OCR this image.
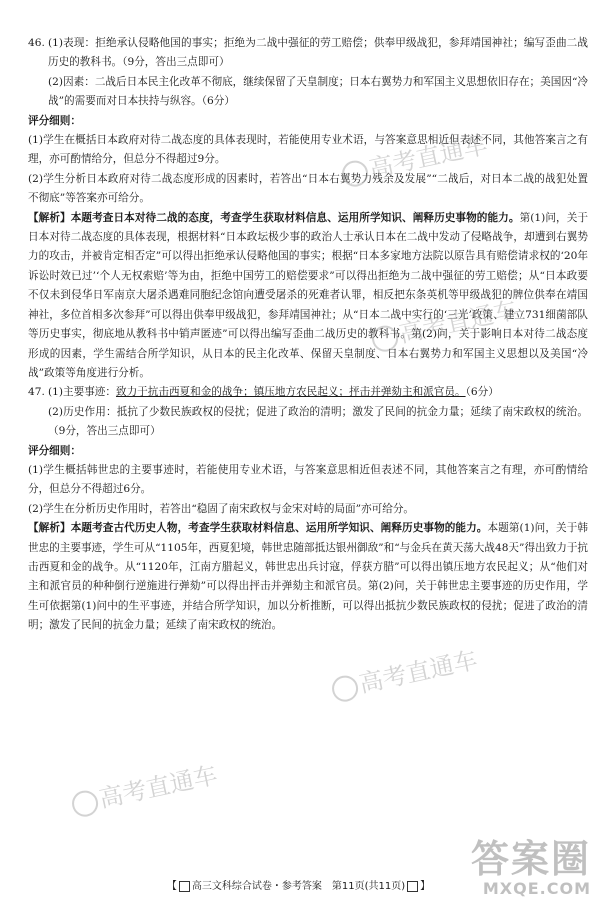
46. (1)表现：拒绝承认侵略他国的事实；拒绝为二战中强征的劳工赔偿；供奉甲级战犯，参拜靖国神社；编写歪曲二战历史的教科书。（9分，答出三点即可）

(2)因素：二战后日本民主化改革不彻底，继续保留了天皇制度；日本右翼势力和军国主义思想依旧存在；美国因“冷战”的需要而对日本扶持与纵容。（6分）

评分细则：

(1)学生在概括日本政府对待二战态度的具体表现时，若能使用专业术语，与答案意思相近但表述不同，其他答案言之有理，亦可酌情给分，但总分不得超过9分。

(2)学生分析日本政府对待二战态度形成的因素时，若答出“日本右翼势力残余及发展”“二战后，对日本二战的战犯处置不彻底”等答案亦可给分。

【解析】本题考查日本对待二战的态度，考查学生获取材料信息、运用所学知识、阐释历史事物的能力。第(1)问，关于日本对待二战态度的具体表现，根据材料“日本政坛极少事的政治人士承认日本在二战中发动了侵略战争，却遭到右翼势力的攻击，并被肯定相否定”可以得出拒绝承认侵略他国的事实；根据“日本多家地方法院以原告具有赔偿请求权的‘20年诉讼时效已过’‘个人无权索赔’等为由，拒绝中国劳工的赔偿要求”可以得出拒绝为二战中强征的劳工赔偿；从“日本政要不仅未到侵华日军南京大屠杀遇难同胞纪念馆向遭受屠杀的死难者认罪，相反把东条英机等甲级战犯的牌位供奉在靖国神社，多位首相多次参拜”可以得出供奉甲级战犯，参拜靖国神社；从“日本二战中实行的‘三光’政策、建立731细菌部队等历史事实，彻底地从教科书中销声匿迹”可以得出编写歪曲二战历史的教科书。第(2)问，关于影响日本对待二战态度形成的因素，学生需结合所学知识，从日本的民主化改革、保留天皇制度、日本右翼势力和军国主义思想以及美国“冷战”政策等角度进行分析。

47. (1)主要事迹：致力于抗击西夏和金的战争；镇压地方农民起义；抨击并弹劾主和派官员。（6分）

(2)历史作用：抵抗了少数民族政权的侵扰；促进了政治的清明；激发了民间的抗金力量；延续了南宋政权的统治。（9分，答出三点即可）

评分细则：

(1)学生概括韩世忠的主要事迹时，若能使用专业术语，与答案意思相近但表述不同，其他答案言之有理，亦可酌情给分，但总分不得超过6分。

(2)学生在分析历史作用时，若答出“稳固了南宋政权与金宋对峙的局面”亦可给分。

【解析】本题考查古代历史人物，考查学生获取材料信息、运用所学知识、阐释历史事物的能力。本题第(1)问，关于韩世忠的主要事迹，学生可从“1105年，西夏犯境，韩世忠随部抵达银州御敌”和“与金兵在黄天荡大战48天”得出致力于抗击西夏和金的战争。从“1120年，江南方腊起义，韩世忠出兵讨寇，俘获方腊”可以得出镇压地方农民起义；从“他们对主和派官员的种种倒行逆施进行弹劾”可以得出抨击并弹劾主和派官员。第(2)问，关于韩世忠主要事迹的历史作用，学生可依据第(1)问中的生平事迹，并结合所学知识，加以分析推断，可以得出抵抗少数民族政权的侵扰；促进了政治的清明；激发了民间的抗金力量；延续了南宋政权的统治。

高考直通车
高考直通车
高考直通车
高考直通车
答案圈
MXQE.COM
【 高三文科综合试卷・参考答案　第11页(共11页) 】
